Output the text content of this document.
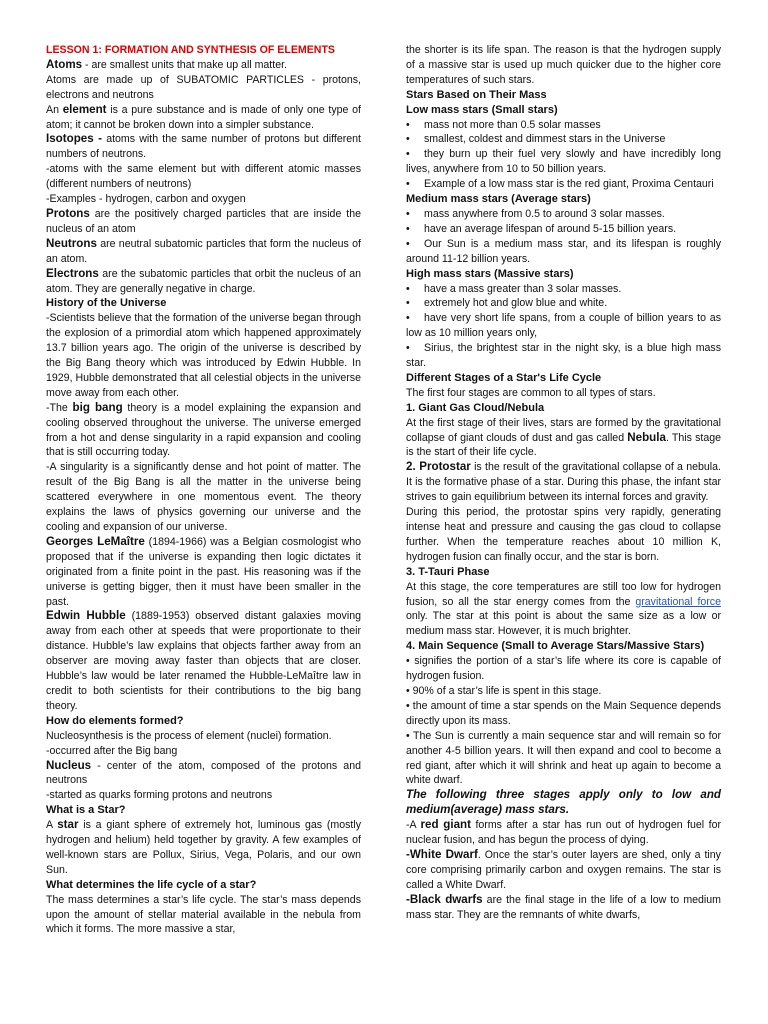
LESSON 1: FORMATION AND SYNTHESIS OF ELEMENTS

Atoms - are smallest units that make up all matter.

Atoms are made up of SUBATOMIC PARTICLES - protons, electrons and neutrons

An element is a pure substance and is made of only one type of atom; it cannot be broken down into a simpler substance.

Isotopes - atoms with the same number of protons but different numbers of neutrons.

-atoms with the same element but with different atomic masses (different numbers of neutrons)

-Examples - hydrogen, carbon and oxygen

Protons are the positively charged particles that are inside the nucleus of an atom

Neutrons are neutral subatomic particles that form the nucleus of an atom.

Electrons are the subatomic particles that orbit the nucleus of an atom. They are generally negative in charge.

History of the Universe

-Scientists believe that the formation of the universe began through the explosion of a primordial atom which happened approximately 13.7 billion years ago. The origin of the universe is described by the Big Bang theory which was introduced by Edwin Hubble. In 1929, Hubble demonstrated that all celestial objects in the universe move away from each other.

-The big bang theory is a model explaining the expansion and cooling observed throughout the universe. The universe emerged from a hot and dense singularity in a rapid expansion and cooling that is still occurring today.

-A singularity is a significantly dense and hot point of matter. The result of the Big Bang is all the matter in the universe being scattered everywhere in one momentous event. The theory explains the laws of physics governing our universe and the cooling and expansion of our universe.

Georges LeMaître (1894-1966) was a Belgian cosmologist who proposed that if the universe is expanding then logic dictates it originated from a finite point in the past. His reasoning was if the universe is getting bigger, then it must have been smaller in the past.

Edwin Hubble (1889-1953) observed distant galaxies moving away from each other at speeds that were proportionate to their distance. Hubble’s law explains that objects farther away from an observer are moving away faster than objects that are closer. Hubble’s law would be later renamed the Hubble-LeMaître law in credit to both scientists for their contributions to the big bang theory.

How do elements formed?

Nucleosynthesis is the process of element (nuclei) formation.

-occurred after the Big bang

Nucleus - center of the atom, composed of the protons and neutrons

-started as quarks forming protons and neutrons

What is a Star?

A star is a giant sphere of extremely hot, luminous gas (mostly hydrogen and helium) held together by gravity. A few examples of well-known stars are Pollux, Sirius, Vega, Polaris, and our own Sun.

What determines the life cycle of a star?

The mass determines a star’s life cycle. The star’s mass depends upon the amount of stellar material available in the nebula from which it forms. The more massive a star,

the shorter is its life span. The reason is that the hydrogen supply of a massive star is used up much quicker due to the higher core temperatures of such stars.

Stars Based on Their Mass

Low mass stars (Small stars)

• mass not more than 0.5 solar masses

• smallest, coldest and dimmest stars in the Universe

• they burn up their fuel very slowly and have incredibly long lives, anywhere from 10 to 50 billion years.

• Example of a low mass star is the red giant, Proxima Centauri

Medium mass stars (Average stars)

• mass anywhere from 0.5 to around 3 solar masses.

• have an average lifespan of around 5-15 billion years.

• Our Sun is a medium mass star, and its lifespan is roughly around 11-12 billion years.

High mass stars (Massive stars)

• have a mass greater than 3 solar masses.

• extremely hot and glow blue and white.

• have very short life spans, from a couple of billion years to as low as 10 million years only,

• Sirius, the brightest star in the night sky, is a blue high mass star.

Different Stages of a Star's Life Cycle

The first four stages are common to all types of stars.

1. Giant Gas Cloud/Nebula

At the first stage of their lives, stars are formed by the gravitational collapse of giant clouds of dust and gas called Nebula. This stage is the start of their life cycle.

2. Protostar is the result of the gravitational collapse of a nebula. It is the formative phase of a star. During this phase, the infant star strives to gain equilibrium between its internal forces and gravity.

During this period, the protostar spins very rapidly, generating intense heat and pressure and causing the gas cloud to collapse further. When the temperature reaches about 10 million K, hydrogen fusion can finally occur, and the star is born.

3. T-Tauri Phase

At this stage, the core temperatures are still too low for hydrogen fusion, so all the star energy comes from the gravitational force only. The star at this point is about the same size as a low or medium mass star. However, it is much brighter.

4. Main Sequence (Small to Average Stars/Massive Stars)

• signifies the portion of a star’s life where its core is capable of hydrogen fusion.

• 90% of a star’s life is spent in this stage.

• the amount of time a star spends on the Main Sequence depends directly upon its mass.

• The Sun is currently a main sequence star and will remain so for another 4-5 billion years. It will then expand and cool to become a red giant, after which it will shrink and heat up again to become a white dwarf.

The following three stages apply only to low and medium(average) mass stars.

-A red giant forms after a star has run out of hydrogen fuel for nuclear fusion, and has begun the process of dying.

-White Dwarf. Once the star’s outer layers are shed, only a tiny core comprising primarily carbon and oxygen remains. The star is called a White Dwarf.

-Black dwarfs are the final stage in the life of a low to medium mass star. They are the remnants of white dwarfs,
